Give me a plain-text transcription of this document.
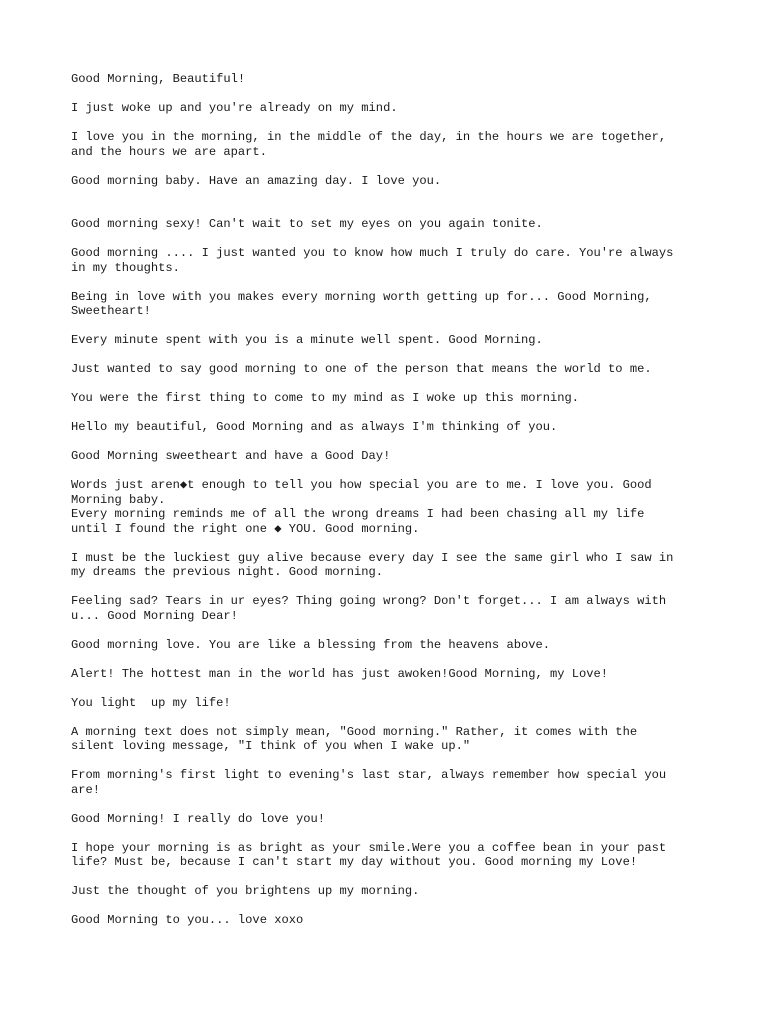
Good Morning, Beautiful!

I just woke up and you're already on my mind.

I love you in the morning, in the middle of the day, in the hours we are together,
and the hours we are apart.

Good morning baby. Have an amazing day. I love you.

Good morning sexy! Can't wait to set my eyes on you again tonite.

Good morning .... I just wanted you to know how much I truly do care. You're always
in my thoughts.

Being in love with you makes every morning worth getting up for... Good Morning,
Sweetheart!

Every minute spent with you is a minute well spent. Good Morning.

Just wanted to say good morning to one of the person that means the world to me.

You were the first thing to come to my mind as I woke up this morning.

Hello my beautiful, Good Morning and as always I'm thinking of you.

Good Morning sweetheart and have a Good Day!

Words just aren◆t enough to tell you how special you are to me. I love you. Good
Morning baby.

Every morning reminds me of all the wrong dreams I had been chasing all my life
until I found the right one ◆ YOU. Good morning.

I must be the luckiest guy alive because every day I see the same girl who I saw in
my dreams the previous night. Good morning.

Feeling sad? Tears in ur eyes? Thing going wrong? Don't forget... I am always with
u... Good Morning Dear!

Good morning love. You are like a blessing from the heavens above.

Alert! The hottest man in the world has just awoken!Good Morning, my Love!

You light  up my life!

A morning text does not simply mean, "Good morning." Rather, it comes with the
silent loving message, "I think of you when I wake up."

From morning's first light to evening's last star, always remember how special you
are!

Good Morning! I really do love you!

I hope your morning is as bright as your smile.Were you a coffee bean in your past
life? Must be, because I can't start my day without you. Good morning my Love!

Just the thought of you brightens up my morning.

Good Morning to you... love xoxo
